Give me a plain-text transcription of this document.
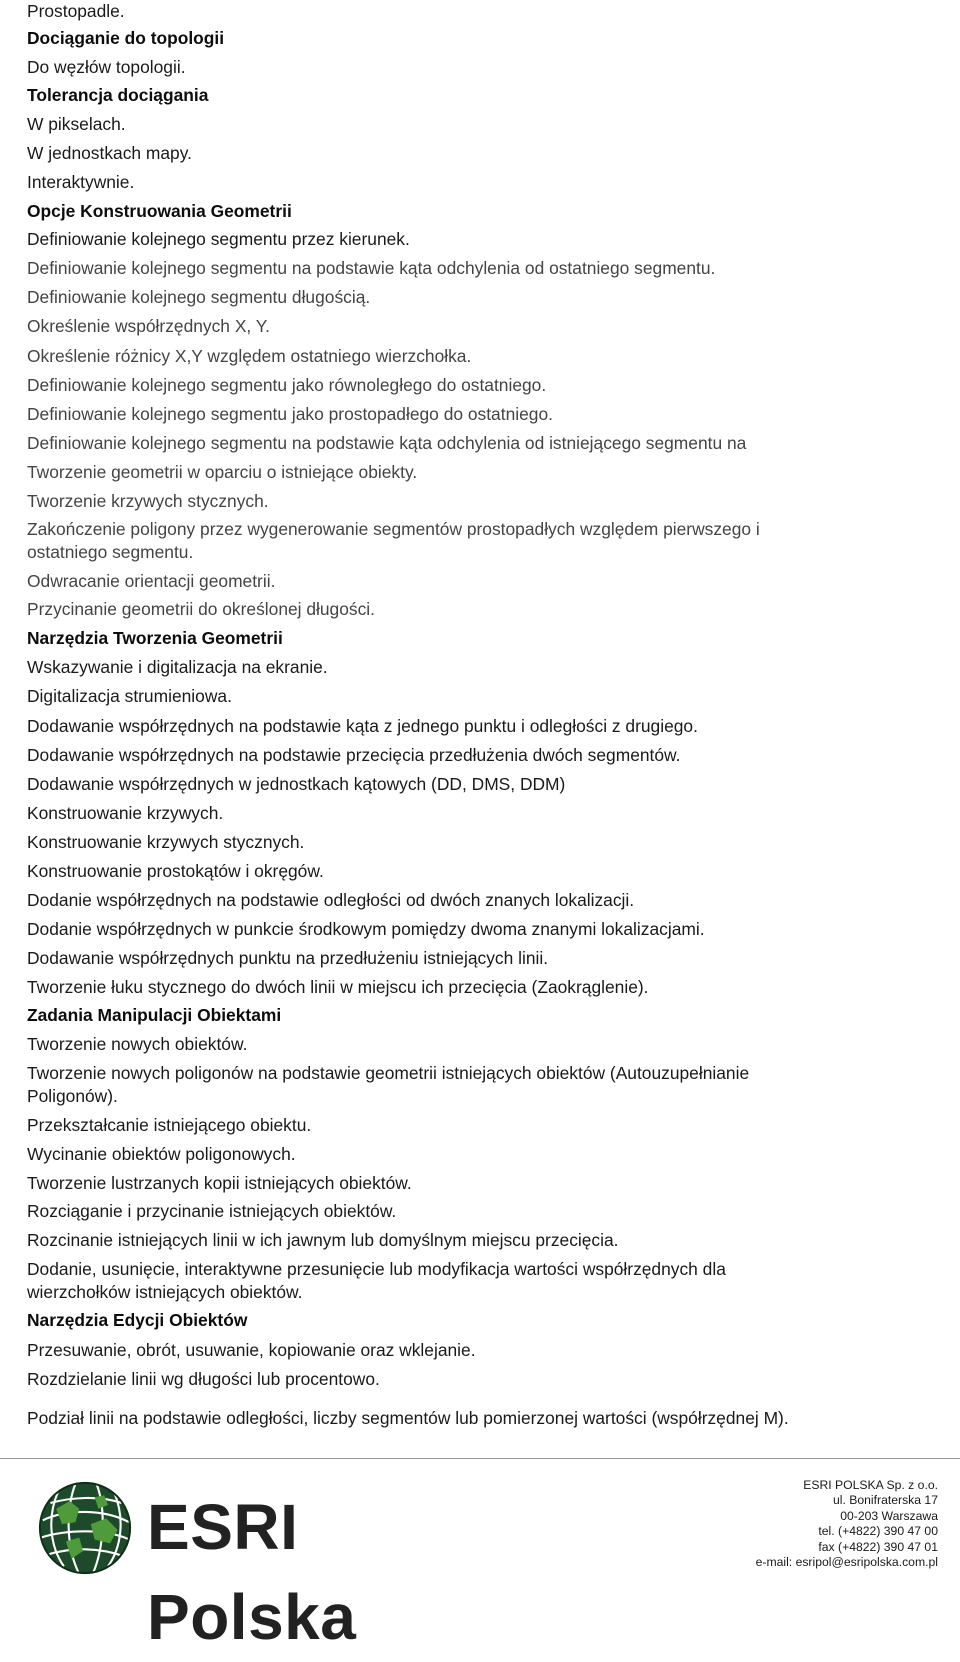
Prostopadle.
Dociąganie do topologii
Do węzłów topologii.
Tolerancja dociągania
W pikselach.
W jednostkach mapy.
Interaktywnie.
Opcje Konstruowania Geometrii
Definiowanie kolejnego segmentu przez kierunek.
Definiowanie kolejnego segmentu na podstawie kąta odchylenia od ostatniego segmentu.
Definiowanie kolejnego segmentu długością.
Określenie współrzędnych X, Y.
Określenie różnicy X,Y względem ostatniego wierzchołka.
Definiowanie kolejnego segmentu jako równoległego do ostatniego.
Definiowanie kolejnego segmentu jako prostopadłego do ostatniego.
Definiowanie kolejnego segmentu na podstawie kąta odchylenia od istniejącego segmentu na
Tworzenie geometrii w oparciu o istniejące obiekty.
Tworzenie krzywych stycznych.
Zakończenie poligony przez wygenerowanie segmentów prostopadłych względem pierwszego i
ostatniego segmentu.
Odwracanie orientacji geometrii.
Przycinanie geometrii do określonej długości.
Narzędzia Tworzenia Geometrii
Wskazywanie i digitalizacja na ekranie.
Digitalizacja strumieniowa.
Dodawanie współrzędnych na podstawie kąta z jednego punktu i odległości z drugiego.
Dodawanie współrzędnych na podstawie przecięcia przedłużenia dwóch segmentów.
Dodawanie współrzędnych w jednostkach kątowych (DD, DMS, DDM)
Konstruowanie krzywych.
Konstruowanie krzywych stycznych.
Konstruowanie prostokątów i okręgów.
Dodanie współrzędnych na podstawie odległości od dwóch znanych lokalizacji.
Dodanie współrzędnych w punkcie środkowym pomiędzy dwoma znanymi lokalizacjami.
Dodawanie współrzędnych punktu na przedłużeniu istniejących linii.
Tworzenie łuku stycznego do dwóch linii w miejscu ich przecięcia (Zaokrąglenie).
Zadania Manipulacji Obiektami
Tworzenie nowych obiektów.
Tworzenie nowych poligonów na podstawie geometrii istniejących obiektów (Autouzupełnianie
Poligonów).
Przekształcanie istniejącego obiektu.
Wycinanie obiektów poligonowych.
Tworzenie lustrzanych kopii istniejących obiektów.
Rozciąganie i przycinanie istniejących obiektów.
Rozcinanie istniejących linii w ich jawnym lub domyślnym miejscu przecięcia.
Dodanie, usunięcie, interaktywne przesunięcie lub modyfikacja wartości współrzędnych dla
wierzchołków istniejących obiektów.
Narzędzia Edycji Obiektów
Przesuwanie, obrót, usuwanie, kopiowanie oraz wklejanie.
Rozdzielanie linii wg długości lub procentowo.
Podział linii na podstawie odległości, liczby segmentów lub pomierzonej wartości (współrzędnej M).
ESRI Polska
ESRI POLSKA Sp. z o.o.
ul. Bonifraterska 17
00-203 Warszawa
tel. (+4822) 390 47 00
fax (+4822) 390 47 01
e-mail: esripol@esripolska.com.pl
